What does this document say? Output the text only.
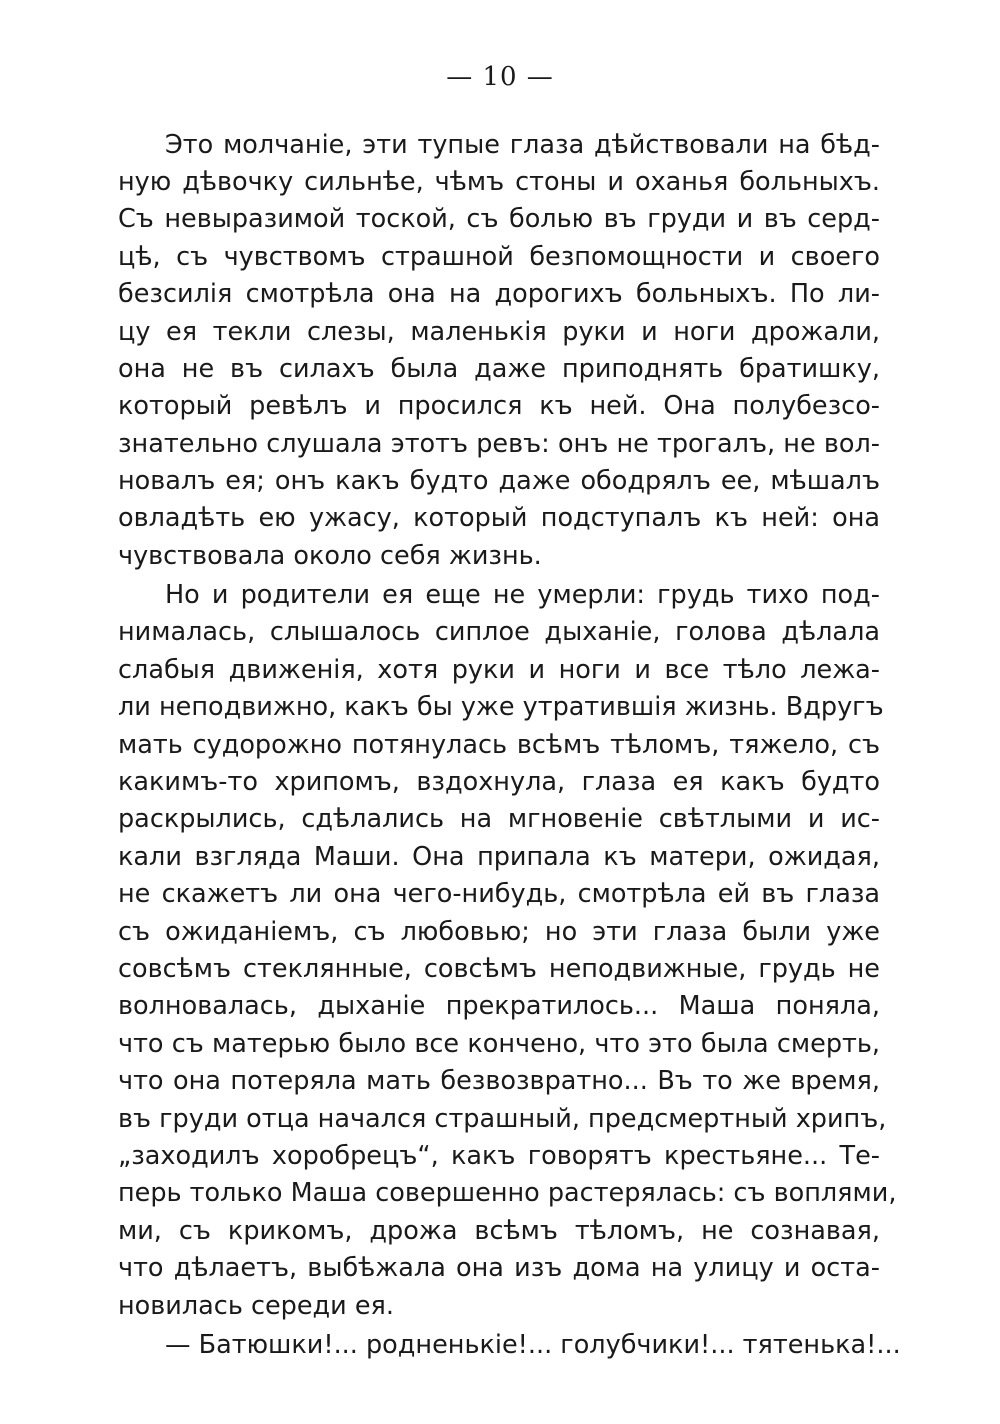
— 10 —
Это молчаніе, эти тупые глаза дѣйствовали на бѣд-
ную дѣвочку сильнѣе, чѣмъ стоны и оханья больныхъ.
Съ невыразимой тоской, съ болью въ груди и въ серд-
цѣ, съ чувствомъ страшной безпомощности и своего
безсилія смотрѣла она на дорогихъ больныхъ. По ли-
цу ея текли слезы, маленькія руки и ноги дрожали,
она не въ силахъ была даже приподнять братишку,
который ревѣлъ и просился къ ней. Она полубезсо-
знательно слушала этотъ ревъ: онъ не трогалъ, не вол-
новалъ ея; онъ какъ будто даже ободрялъ ее, мѣшалъ
овладѣть ею ужасу, который подступалъ къ ней: она
чувствовала около себя жизнь.
Но и родители ея еще не умерли: грудь тихо под-
нималась, слышалось сиплое дыханіе, голова дѣлала
слабыя движенія, хотя руки и ноги и все тѣло лежа-
ли неподвижно, какъ бы уже утратившія жизнь. Вдругъ
мать судорожно потянулась всѣмъ тѣломъ, тяжело, съ
какимъ-то хрипомъ, вздохнула, глаза ея какъ будто
раскрылись, сдѣлались на мгновеніе свѣтлыми и ис-
кали взгляда Маши. Она припала къ матери, ожидая,
не скажетъ ли она чего-нибудь, смотрѣла ей въ глаза
съ ожиданіемъ, съ любовью; но эти глаза были уже
совсѣмъ стеклянные, совсѣмъ неподвижные, грудь не
волновалась, дыханіе прекратилось... Маша поняла,
что съ матерью было все кончено, что это была смерть,
что она потеряла мать безвозвратно... Въ то же время,
въ груди отца начался страшный, предсмертный хрипъ,
„заходилъ хоробрецъ“, какъ говорятъ крестьяне... Те-
перь только Маша совершенно растерялась: съ воплями,
ми, съ крикомъ, дрожа всѣмъ тѣломъ, не сознавая,
что дѣлаетъ, выбѣжала она изъ дома на улицу и оста-
новилась середи ея.
— Батюшки!... родненькіе!... голубчики!... тятенька!...
